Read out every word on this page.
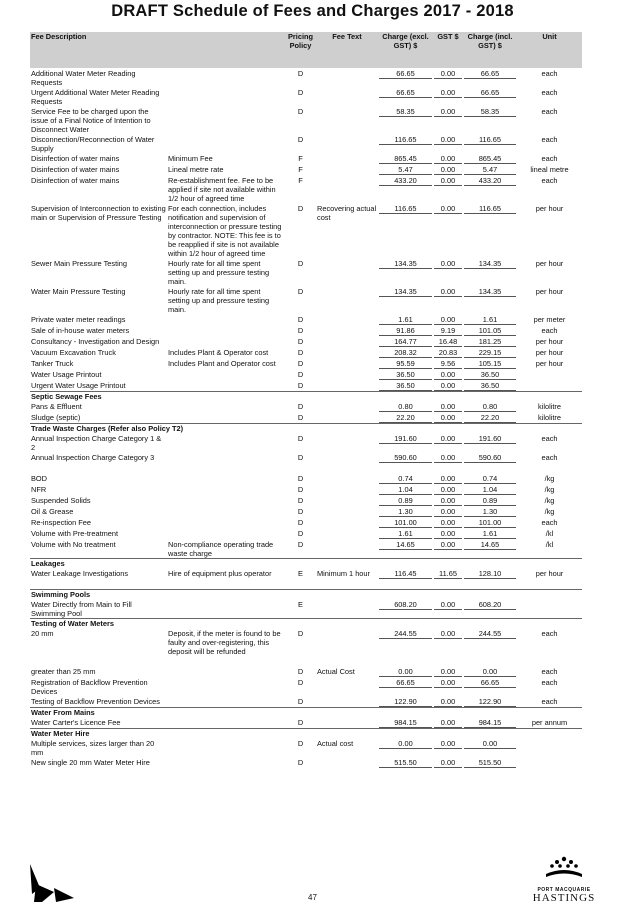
DRAFT Schedule of Fees and Charges 2017 - 2018
Fee Description		Pricing Policy	Fee Text	Charge (excl. GST) $	GST $	Charge (incl. GST) $	Unit
Additional Water Meter Reading Requests		D		66.65	0.00	66.65	each
Urgent Additional Water Meter Reading Requests		D		66.65	0.00	66.65	each
Service Fee to be charged upon the issue of a Final Notice of Intention to Disconnect Water		D		58.35	0.00	58.35	each
Disconnection/Reconnection of Water Supply		D		116.65	0.00	116.65	each
Disinfection of water mains	Minimum Fee	F		865.45	0.00	865.45	each
Disinfection of water mains	Lineal metre rate	F		5.47	0.00	5.47	lineal metre
Disinfection of water mains	Re-establishment fee. Fee to be applied if site not available within 1/2 hour of agreed time	F		433.20	0.00	433.20	each
Supervision of Interconnection to existing main or Supervision of Pressure Testing	For each connection, includes notification and supervision of interconnection or pressure testing by contractor. NOTE: This fee is to be reapplied if site is not available within 1/2 hour of agreed time	D	Recovering actual cost	116.65	0.00	116.65	per hour
Sewer Main Pressure Testing	Hourly rate for all time spent setting up and pressure testing main.	D		134.35	0.00	134.35	per hour
Water Main Pressure Testing	Hourly rate for all time spent setting up and pressure testing main.	D		134.35	0.00	134.35	per hour
Private water meter readings		D		1.61	0.00	1.61	per meter
Sale of in-house water meters		D		91.86	9.19	101.05	each
Consultancy - Investigation and Design		D		164.77	16.48	181.25	per hour
Vacuum Excavation Truck	Includes Plant & Operator cost	D		208.32	20.83	229.15	per hour
Tanker Truck	Includes Plant and Operator cost	D		95.59	9.56	105.15	per hour
Water Usage Printout		D		36.50	0.00	36.50	
Urgent Water Usage Printout		D		36.50	0.00	36.50	
Septic Sewage Fees							
Pans & Effluent		D		0.80	0.00	0.80	kilolitre
Sludge (septic)		D		22.20	0.00	22.20	kilolitre
Trade Waste Charges (Refer also Policy T2)							
Annual Inspection Charge Category 1 & 2		D		191.60	0.00	191.60	each
Annual Inspection Charge Category 3		D		590.60	0.00	590.60	each

BOD		D		0.74	0.00	0.74	/kg
NFR		D		1.04	0.00	1.04	/kg
Suspended Solids		D		0.89	0.00	0.89	/kg
Oil & Grease		D		1.30	0.00	1.30	/kg
Re-inspection Fee		D		101.00	0.00	101.00	each
Volume with Pre-treatment		D		1.61	0.00	1.61	/kl
Volume with No treatment	Non-compliance operating trade waste charge	D		14.65	0.00	14.65	/kl
Leakages							
Water Leakage Investigations	Hire of equipment plus operator	E	Minimum 1 hour	116.45	11.65	128.10	per hour

Swimming Pools							
Water Directly from Main to Fill Swimming Pool		E		608.20	0.00	608.20	
Testing of Water Meters							
20 mm	Deposit, if the meter is found to be faulty and over-registering, this deposit will be refunded	D		244.55	0.00	244.55	each

greater than 25 mm		D	Actual Cost	0.00	0.00	0.00	each
Registration of Backflow Prevention Devices		D		66.65	0.00	66.65	each
Testing of Backflow Prevention Devices		D		122.90	0.00	122.90	each
Water From Mains							
Water Carter's Licence Fee		D		984.15	0.00	984.15	per annum
Water Meter Hire							
Multiple services, sizes larger than 20 mm		D	Actual cost	0.00	0.00	0.00	
New single 20 mm Water Meter Hire		D		515.50	0.00	515.50	
47
PORT MACQUARIE
HASTINGS
